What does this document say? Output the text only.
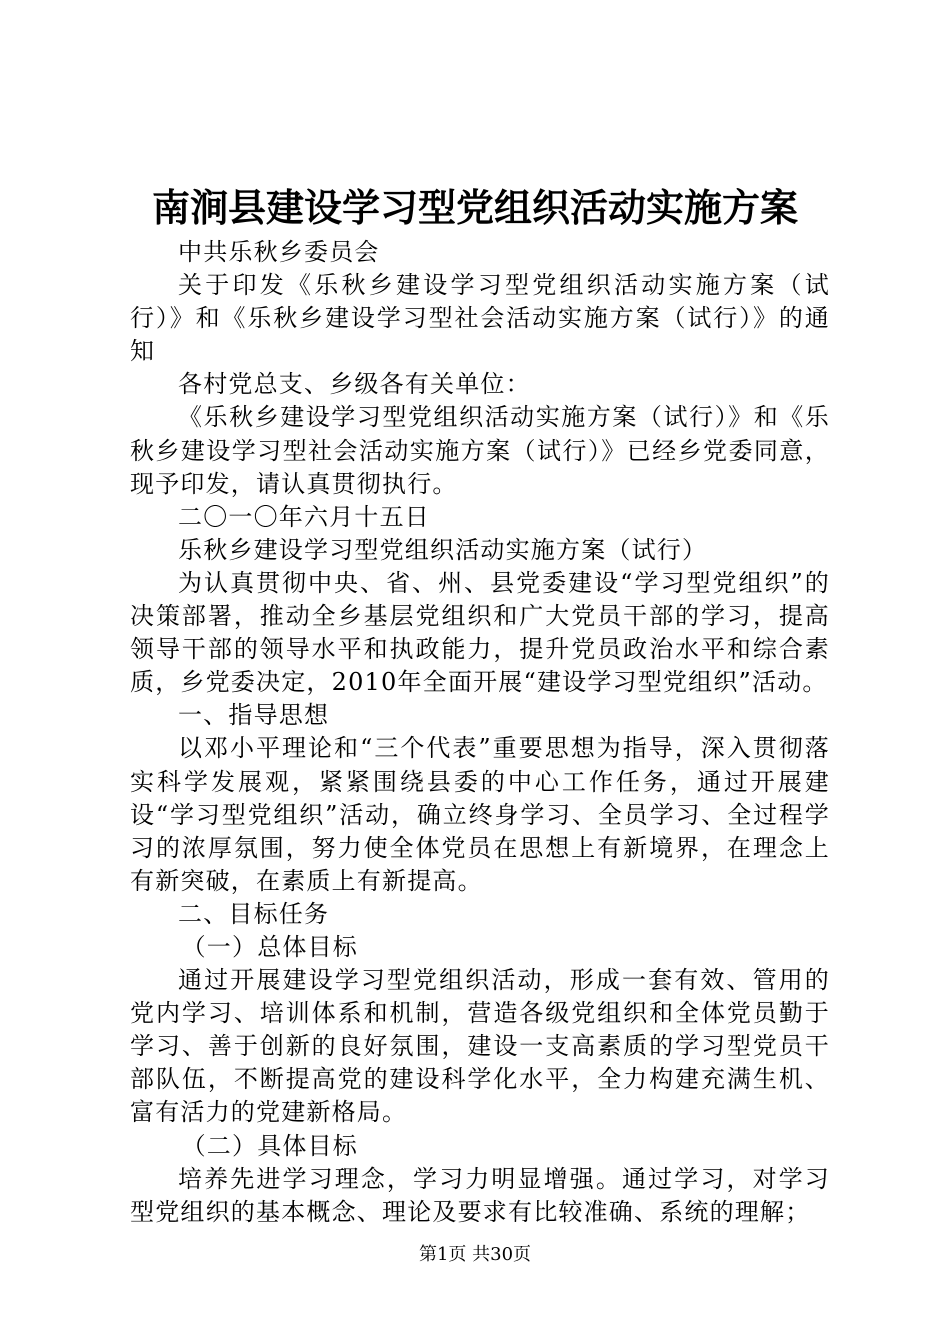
南涧县建设学习型党组织活动实施方案

中共乐秋乡委员会

关于印发《乐秋乡建设学习型党组织活动实施方案（试行）》和《乐秋乡建设学习型社会活动实施方案（试行）》的通知

各村党总支、乡级各有关单位：

《乐秋乡建设学习型党组织活动实施方案（试行）》和《乐秋乡建设学习型社会活动实施方案（试行）》已经乡党委同意，现予印发，请认真贯彻执行。

二〇一〇年六月十五日

乐秋乡建设学习型党组织活动实施方案（试行）

为认真贯彻中央、省、州、县党委建设“学习型党组织”的决策部署，推动全乡基层党组织和广大党员干部的学习，提高领导干部的领导水平和执政能力，提升党员政治水平和综合素质，乡党委决定，2010年全面开展“建设学习型党组织”活动。

一、指导思想

以邓小平理论和“三个代表”重要思想为指导，深入贯彻落实科学发展观，紧紧围绕县委的中心工作任务，通过开展建设“学习型党组织”活动，确立终身学习、全员学习、全过程学习的浓厚氛围，努力使全体党员在思想上有新境界，在理念上有新突破，在素质上有新提高。

二、目标任务

（一）总体目标

通过开展建设学习型党组织活动，形成一套有效、管用的党内学习、培训体系和机制，营造各级党组织和全体党员勤于学习、善于创新的良好氛围，建设一支高素质的学习型党员干部队伍，不断提高党的建设科学化水平，全力构建充满生机、富有活力的党建新格局。

（二）具体目标

培养先进学习理念，学习力明显增强。通过学习，对学习型党组织的基本概念、理论及要求有比较准确、系统的理解；

第1页 共30页
